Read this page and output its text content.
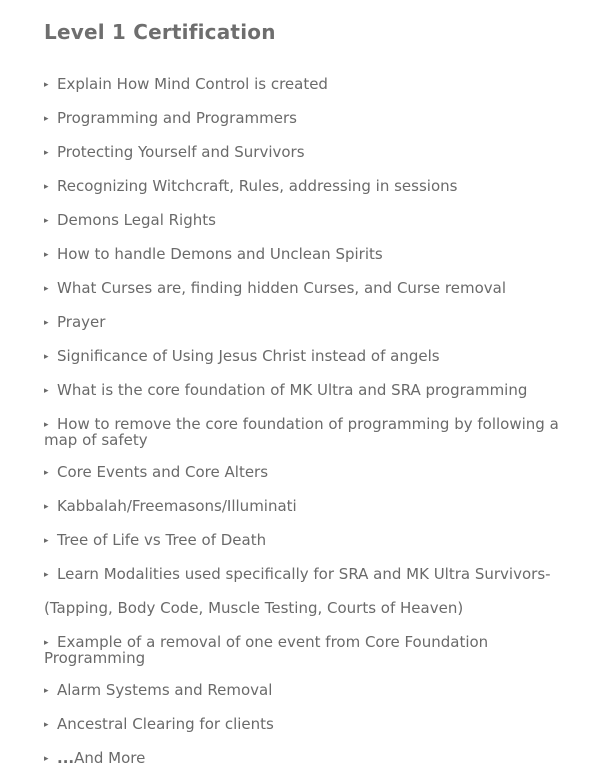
Level 1 Certification
▸ Explain How Mind Control is created
▸ Programming and Programmers
▸ Protecting Yourself and Survivors
▸ Recognizing Witchcraft, Rules, addressing in sessions
▸ Demons Legal Rights
▸ How to handle Demons and Unclean Spirits
▸ What Curses are, finding hidden Curses, and Curse removal
▸ Prayer
▸ Significance of Using Jesus Christ instead of angels
▸ What is the core foundation of MK Ultra and SRA programming
▸ How to remove the core foundation of programming by following a map of safety
▸ Core Events and Core Alters
▸ Kabbalah/Freemasons/Illuminati
▸ Tree of Life vs Tree of Death
▸ Learn Modalities used specifically for SRA and MK Ultra Survivors-
(Tapping, Body Code, Muscle Testing, Courts of Heaven)
▸ Example of a removal of one event from Core Foundation Programming
▸ Alarm Systems and Removal
▸ Ancestral Clearing for clients
▸ ...And More
